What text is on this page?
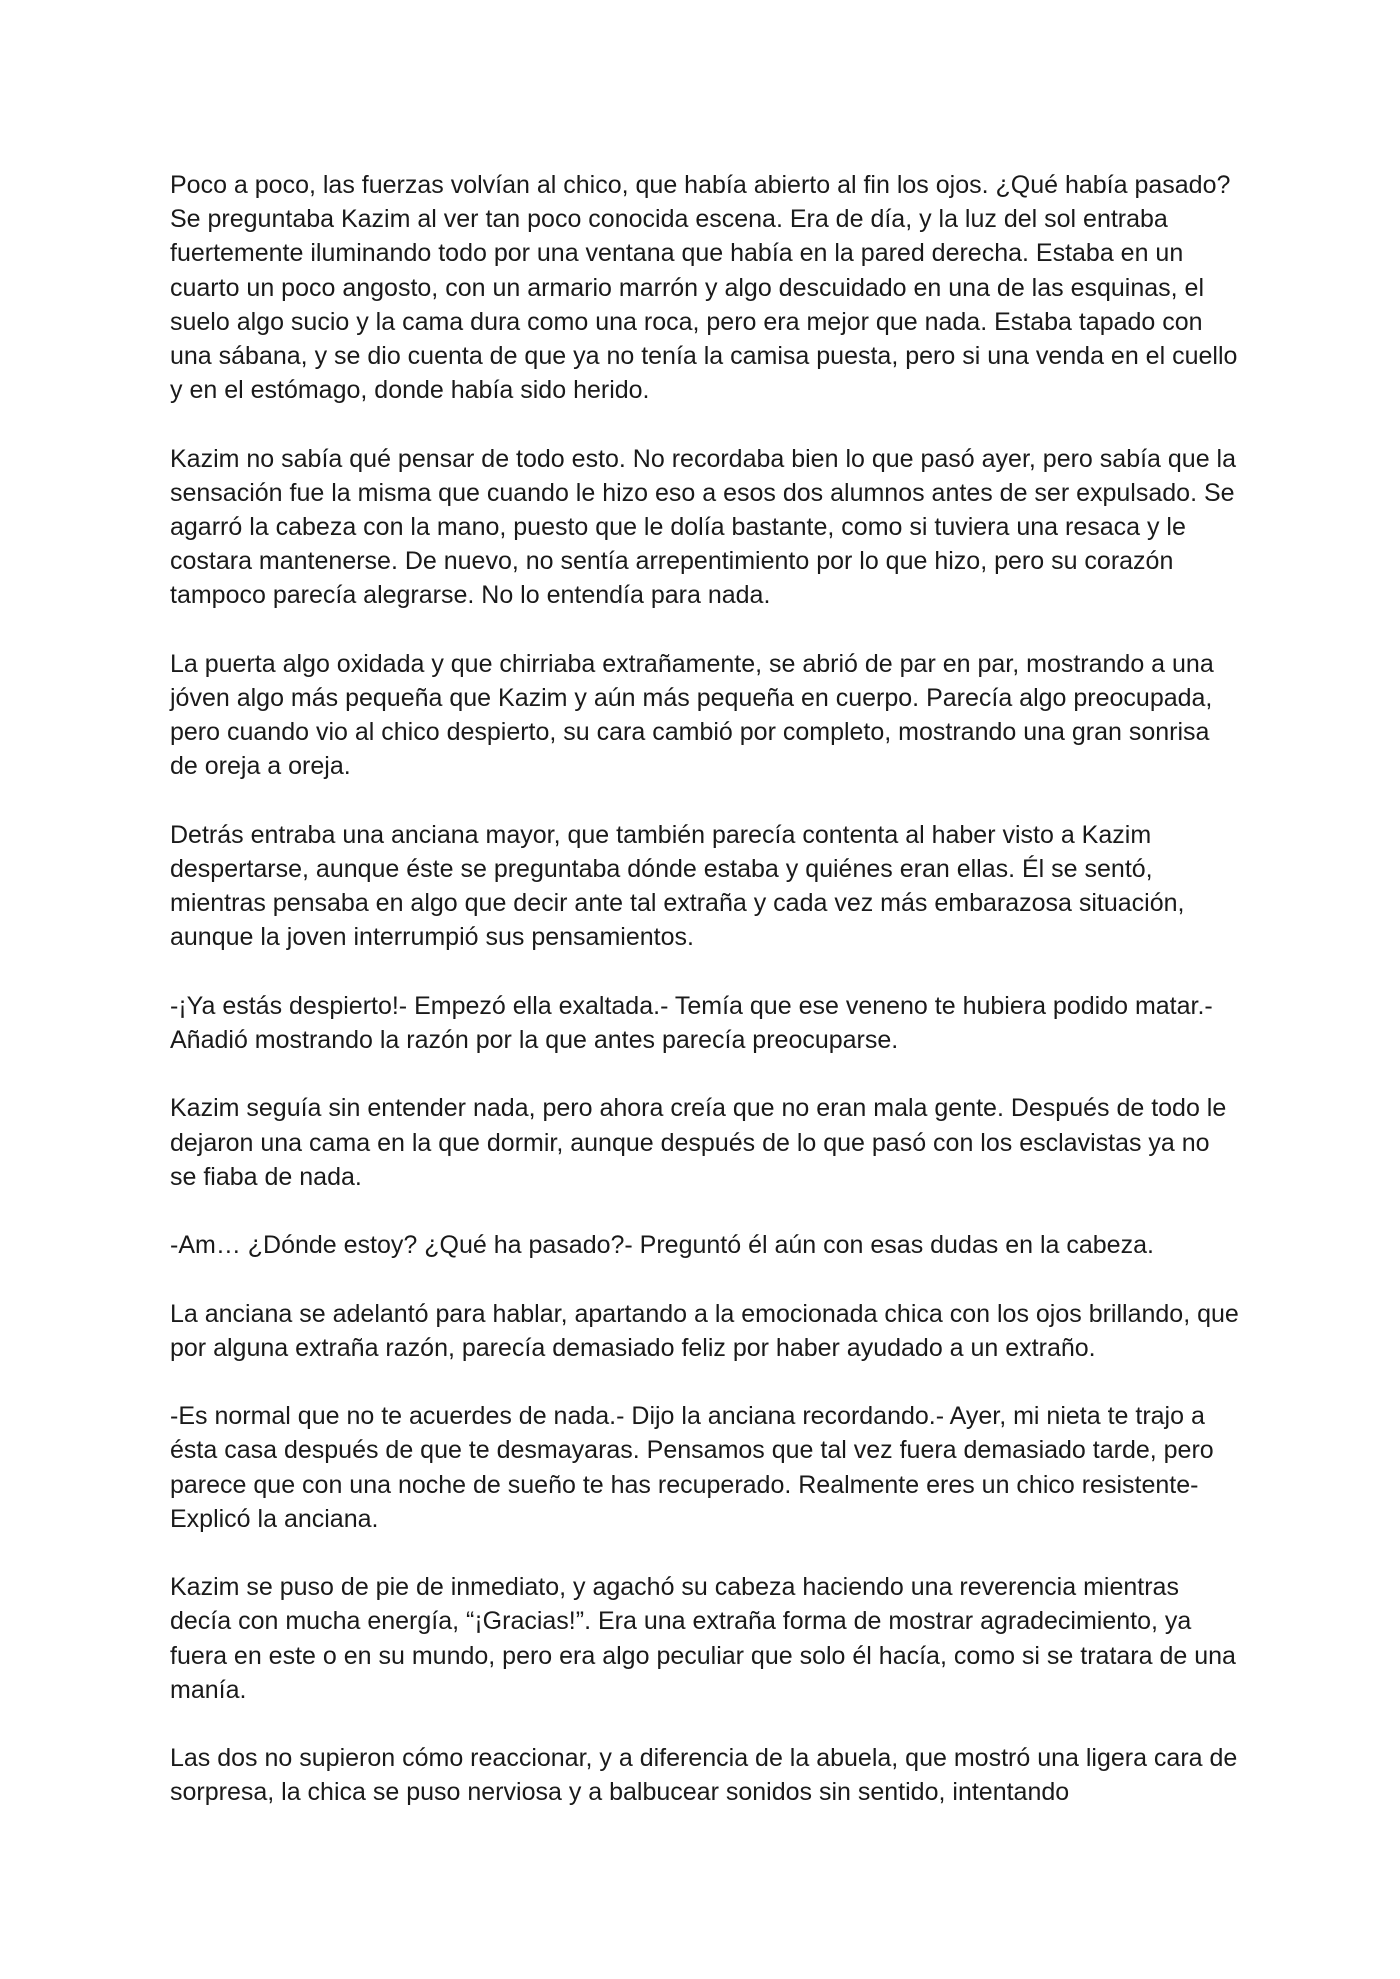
Poco a poco, las fuerzas volvían al chico, que había abierto al fin los ojos. ¿Qué había pasado? Se preguntaba Kazim al ver tan poco conocida escena. Era de día, y la luz del sol entraba fuertemente iluminando todo por una ventana que había en la pared derecha. Estaba en un cuarto un poco angosto, con un armario marrón y algo descuidado en una de las esquinas, el suelo algo sucio y la cama dura como una roca, pero era mejor que nada. Estaba tapado con una sábana, y se dio cuenta de que ya no tenía la camisa puesta, pero si una venda en el cuello y en el estómago, donde había sido herido.

Kazim no sabía qué pensar de todo esto. No recordaba bien lo que pasó ayer, pero sabía que la sensación fue la misma que cuando le hizo eso a esos dos alumnos antes de ser expulsado. Se agarró la cabeza con la mano, puesto que le dolía bastante, como si tuviera una resaca y le costara mantenerse. De nuevo, no sentía arrepentimiento por lo que hizo, pero su corazón tampoco parecía alegrarse. No lo entendía para nada.

La puerta algo oxidada y que chirriaba extrañamente, se abrió de par en par, mostrando a una jóven algo más pequeña que Kazim y aún más pequeña en cuerpo. Parecía algo preocupada, pero cuando vio al chico despierto, su cara cambió por completo, mostrando una gran sonrisa de oreja a oreja.

Detrás entraba una anciana mayor, que también parecía contenta al haber visto a Kazim despertarse, aunque éste se preguntaba dónde estaba y quiénes eran ellas. Él se sentó, mientras pensaba en algo que decir ante tal extraña y cada vez más embarazosa situación, aunque la joven interrumpió sus pensamientos.

-¡Ya estás despierto!- Empezó ella exaltada.- Temía que ese veneno te hubiera podido matar.- Añadió mostrando la razón por la que antes parecía preocuparse.

Kazim seguía sin entender nada, pero ahora creía que no eran mala gente. Después de todo le dejaron una cama en la que dormir, aunque después de lo que pasó con los esclavistas ya no se fiaba de nada.

-Am… ¿Dónde estoy? ¿Qué ha pasado?- Preguntó él aún con esas dudas en la cabeza.

La anciana se adelantó para hablar, apartando a la emocionada chica con los ojos brillando, que por alguna extraña razón, parecía demasiado feliz por haber ayudado a un extraño.

-Es normal que no te acuerdes de nada.- Dijo la anciana recordando.- Ayer, mi nieta te trajo a ésta casa después de que te desmayaras. Pensamos que tal vez fuera demasiado tarde, pero parece que con una noche de sueño te has recuperado. Realmente eres un chico resistente- Explicó la anciana.

Kazim se puso de pie de inmediato, y agachó su cabeza haciendo una reverencia mientras decía con mucha energía, “¡Gracias!”. Era una extraña forma de mostrar agradecimiento, ya fuera en este o en su mundo, pero era algo peculiar que solo él hacía, como si se tratara de una manía.

Las dos no supieron cómo reaccionar, y a diferencia de la abuela, que mostró una ligera cara de sorpresa, la chica se puso nerviosa y a balbucear sonidos sin sentido, intentando
